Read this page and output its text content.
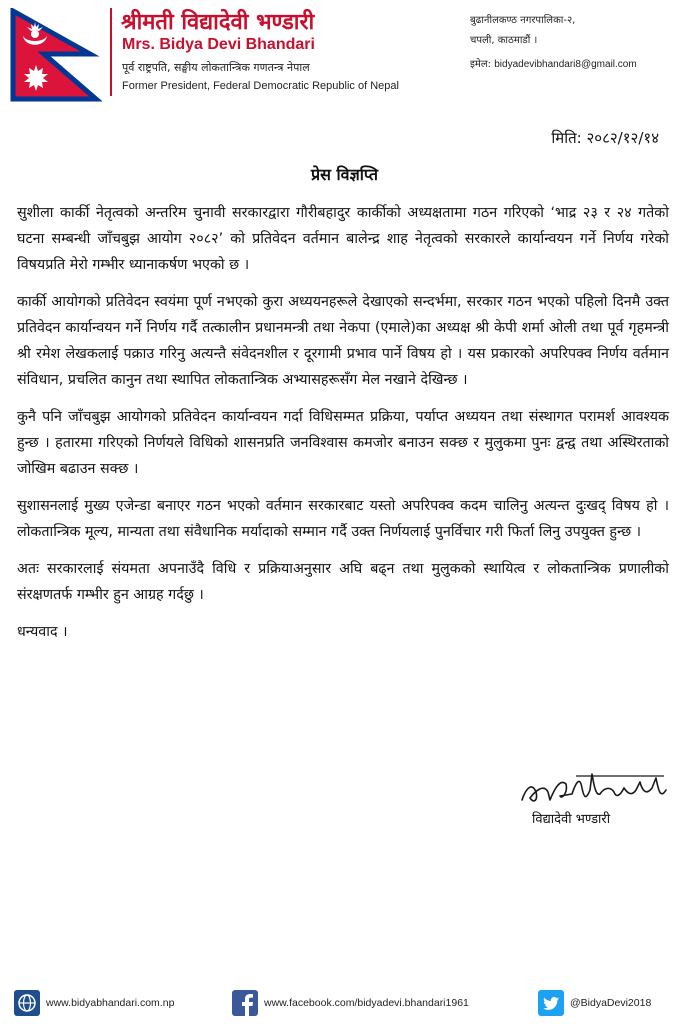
श्रीमती विद्यादेवी भण्डारी
Mrs. Bidya Devi Bhandari
पूर्व राष्ट्रपति, सङ्घीय लोकतान्त्रिक गणतन्त्र नेपाल
Former President, Federal Democratic Republic of Nepal
बुढानीलकण्ठ नगरपालिका-२,
चपली, काठमाडौं ।
इमेल: bidyadevibhandari8@gmail.com
मिति: २०८२/१२/१४
प्रेस विज्ञप्ति

सुशीला कार्की नेतृत्वको अन्तरिम चुनावी सरकारद्वारा गौरीबहादुर कार्कीको अध्यक्षतामा गठन गरिएको ‘भाद्र २३ र २४ गतेको घटना सम्बन्धी जाँचबुझ आयोग २०८२’ को प्रतिवेदन वर्तमान बालेन्द्र शाह नेतृत्वको सरकारले कार्यान्वयन गर्ने निर्णय गरेको विषयप्रति मेरो गम्भीर ध्यानाकर्षण भएको छ ।

कार्की आयोगको प्रतिवेदन स्वयंमा पूर्ण नभएको कुरा अध्ययनहरूले देखाएको सन्दर्भमा, सरकार गठन भएको पहिलो दिनमै उक्त प्रतिवेदन कार्यान्वयन गर्ने निर्णय गर्दै तत्कालीन प्रधानमन्त्री तथा नेकपा (एमाले)का अध्यक्ष श्री केपी शर्मा ओली तथा पूर्व गृहमन्त्री श्री रमेश लेखकलाई पक्राउ गरिनु अत्यन्तै संवेदनशील र दूरगामी प्रभाव पार्ने विषय हो । यस प्रकारको अपरिपक्व निर्णय वर्तमान संविधान, प्रचलित कानुन तथा स्थापित लोकतान्त्रिक अभ्यासहरूसँग मेल नखाने देखिन्छ ।

कुनै पनि जाँचबुझ आयोगको प्रतिवेदन कार्यान्वयन गर्दा विधिसम्मत प्रक्रिया, पर्याप्त अध्ययन तथा संस्थागत परामर्श आवश्यक हुन्छ । हतारमा गरिएको निर्णयले विधिको शासनप्रति जनविश्वास कमजोर बनाउन सक्छ र मुलुकमा पुनः द्वन्द्व तथा अस्थिरताको जोखिम बढाउन सक्छ ।

सुशासनलाई मुख्य एजेन्डा बनाएर गठन भएको वर्तमान सरकारबाट यस्तो अपरिपक्व कदम चालिनु अत्यन्त दुःखद् विषय हो । लोकतान्त्रिक मूल्य, मान्यता तथा संवैधानिक मर्यादाको सम्मान गर्दै उक्त निर्णयलाई पुनर्विचार गरी फिर्ता लिनु उपयुक्त हुन्छ ।

अतः सरकारलाई संयमता अपनाउँदै विधि र प्रक्रियाअनुसार अघि बढ्न तथा मुलुकको स्थायित्व र लोकतान्त्रिक प्रणालीको संरक्षणतर्फ गम्भीर हुन आग्रह गर्दछु ।

धन्यवाद ।

विद्यादेवी भण्डारी
www.bidyabhandari.com.np	www.facebook.com/bidyadevi.bhandari1961	@BidyaDevi2018
